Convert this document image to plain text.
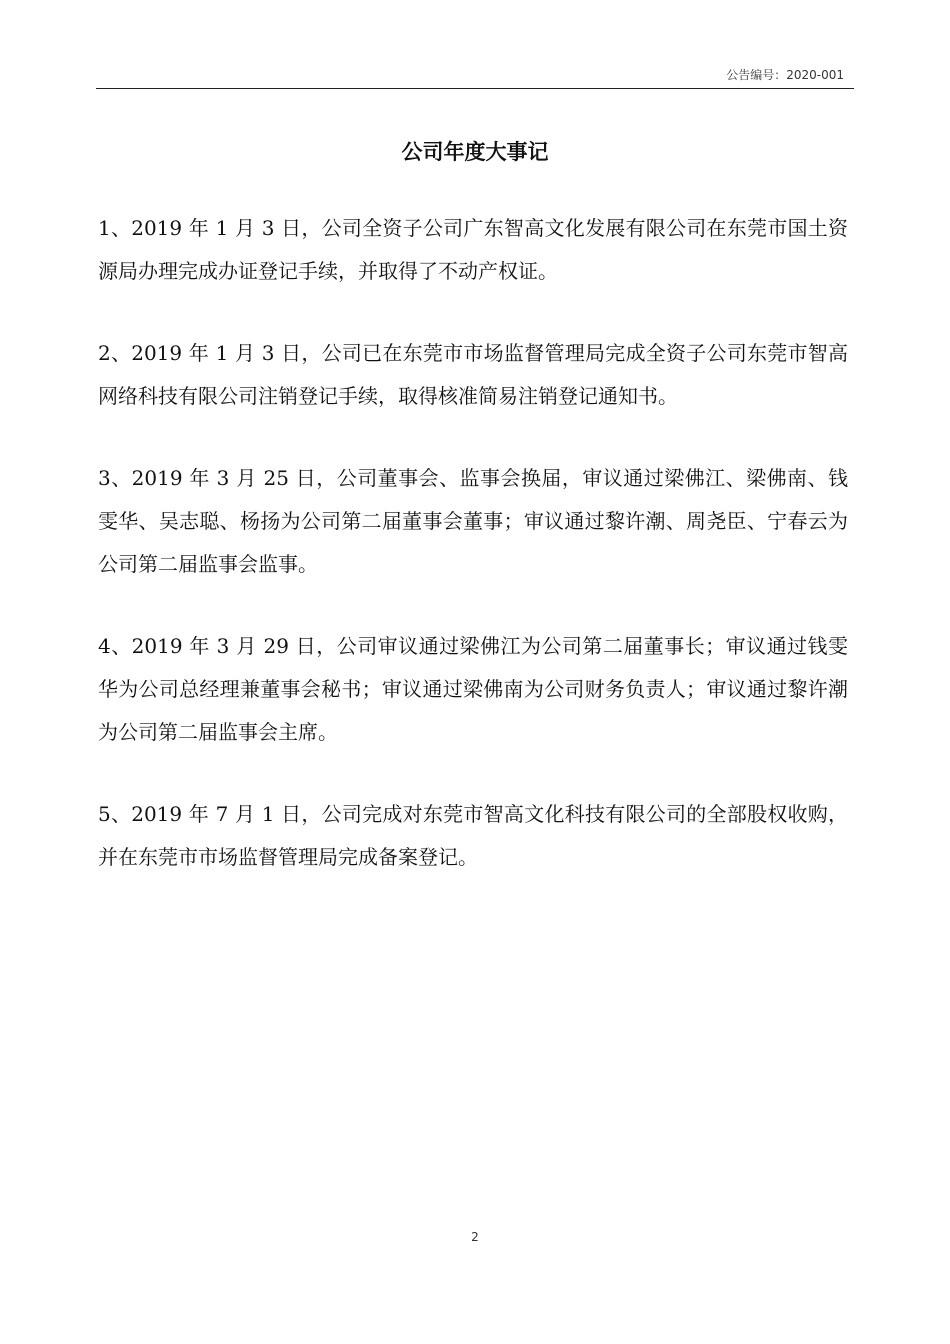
公告编号：2020-001
公司年度大事记

1、2019 年 1 月 3 日，公司全资子公司广东智高文化发展有限公司在东莞市国土资源局办理完成办证登记手续，并取得了不动产权证。

2、2019 年 1 月 3 日，公司已在东莞市市场监督管理局完成全资子公司东莞市智高网络科技有限公司注销登记手续，取得核准简易注销登记通知书。

3、2019 年 3 月 25 日，公司董事会、监事会换届，审议通过梁佛江、梁佛南、钱雯华、吴志聪、杨扬为公司第二届董事会董事；审议通过黎许潮、周尧臣、宁春云为公司第二届监事会监事。

4、2019 年 3 月 29 日，公司审议通过梁佛江为公司第二届董事长；审议通过钱雯华为公司总经理兼董事会秘书；审议通过梁佛南为公司财务负责人；审议通过黎许潮为公司第二届监事会主席。

5、2019 年 7 月 1 日，公司完成对东莞市智高文化科技有限公司的全部股权收购，并在东莞市市场监督管理局完成备案登记。

2
